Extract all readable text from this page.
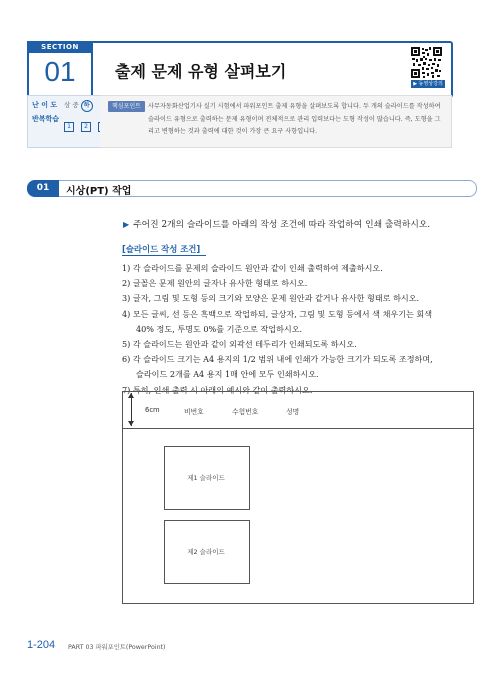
SECTION
01	출제 문제 유형 살펴보기
▶ 동영상강의
난 이 도 상 중 하
반복학습
1 2
핵심포인트	사무자동화산업기사 실기 시험에서 파워포인트 출제 유형을 살펴보도록 합니다. 두 개의 슬라이드를 작성하여 슬라이드 유형으로 출력하는 문제 유형이며 전체적으로 관리 입력보다는 도형 작성이 많습니다. 즉, 도형을 그리고 변형하는 것과 출력에 대한 것이 가장 큰 요구 사항입니다.
01	시상(PT) 작업
▶ 주어진 2개의 슬라이드를 아래의 작성 조건에 따라 작업하여 인쇄 출력하시오.
[슬라이드 작성 조건]
1) 각 슬라이드를 문제의 슬라이드 원안과 같이 인쇄 출력하여 제출하시오.
2) 글꼴은 문제 원안의 글자나 유사한 형태로 하시오.
3) 글자, 그림 및 도형 등의 크기와 모양은 문제 원안과 같거나 유사한 형태로 하시오.
4) 모든 글씨, 선 등은 흑백으로 작업하되, 글상자, 그림 및 도형 등에서 색 채우기는 회색
40% 정도, 투명도 0%를 기준으로 작업하시오.
5) 각 슬라이드는 원안과 같이 외곽선 테두리가 인쇄되도록 하시오.
6) 각 슬라이드 크기는 A4 용지의 1/2 범위 내에 인쇄가 가능한 크기가 되도록 조정하며,
슬라이드 2개를 A4 용지 1매 안에 모두 인쇄하시오.
7) 특히, 인쇄 출력 시 아래의 예시와 같이 출력하시오.
6cm	비번호	수험번호	성명
제1 슬라이드
제2 슬라이드
1-204 PART 03 파워포인트(PowerPoint)
